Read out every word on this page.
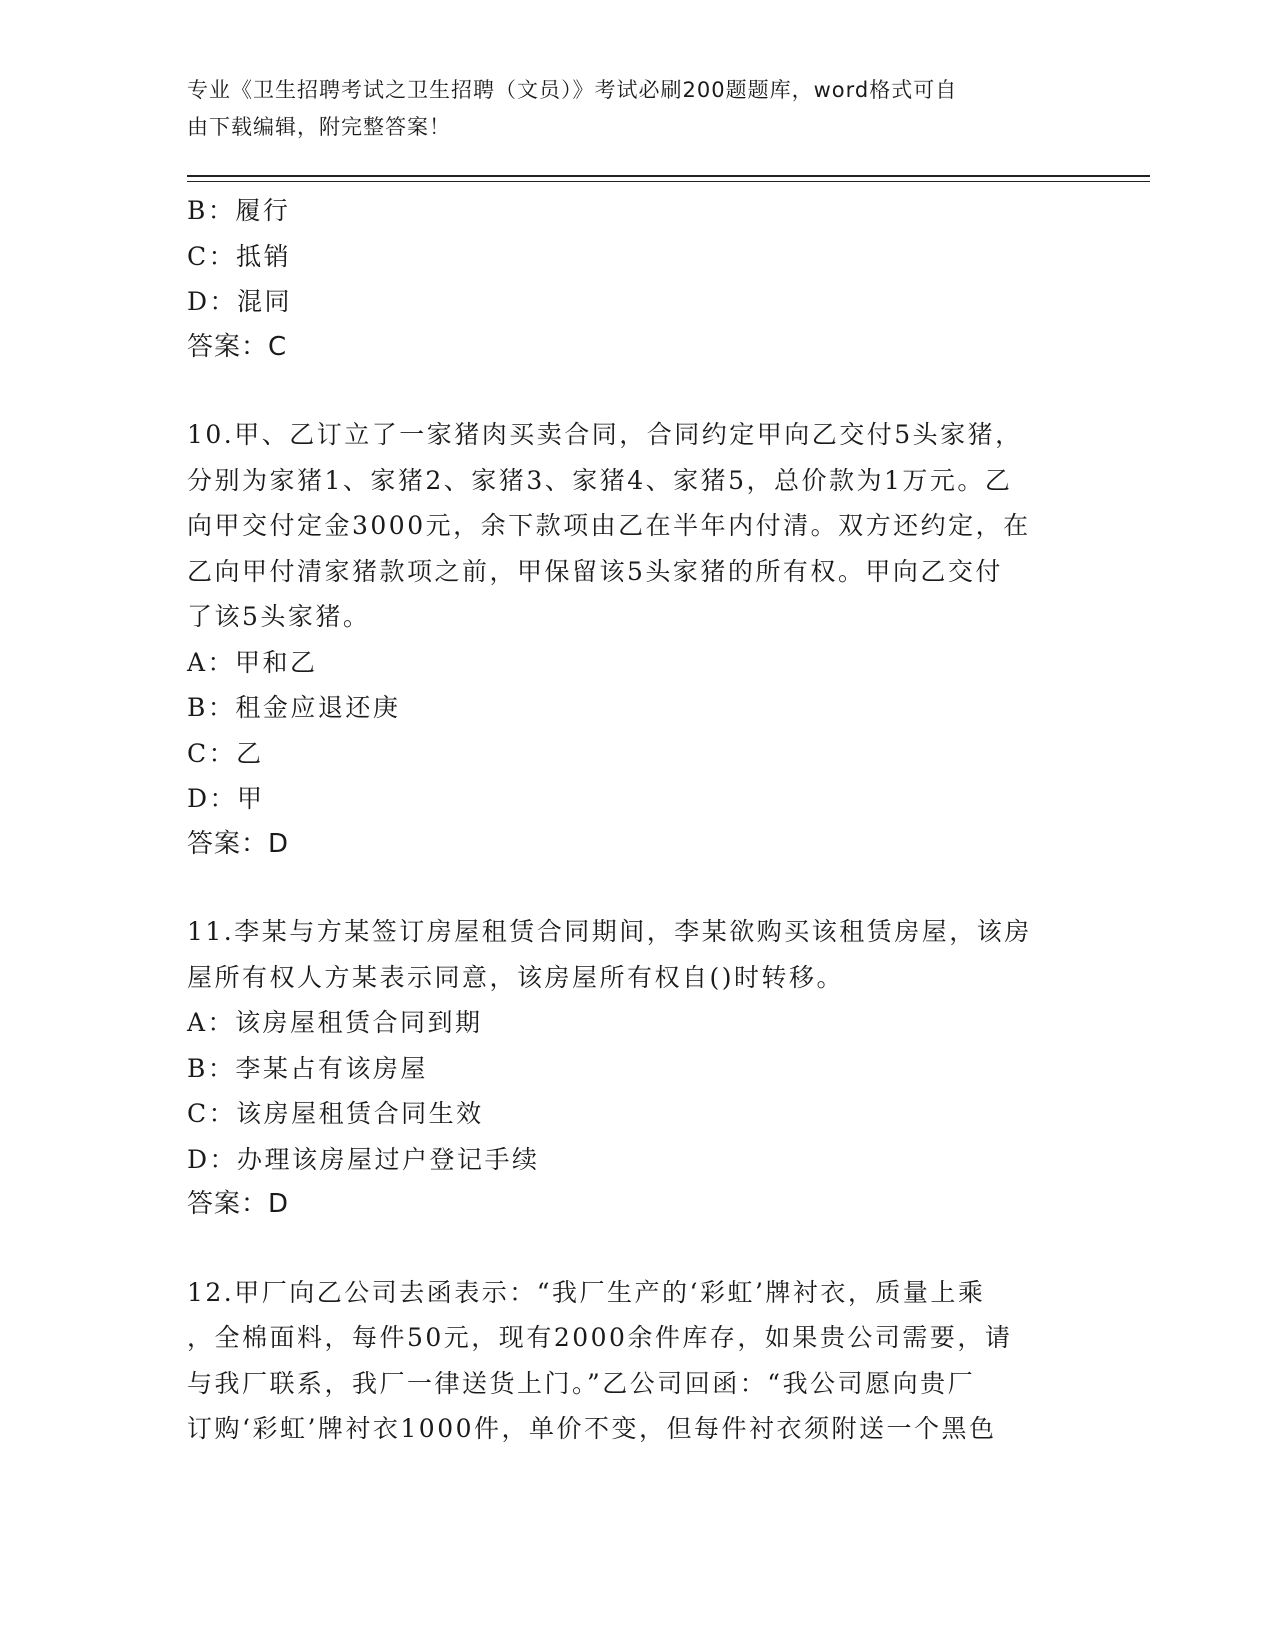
专业《卫生招聘考试之卫生招聘（文员）》考试必刷200题题库，word格式可自
由下载编辑，附完整答案！
B：履行
C：抵销
D：混同
答案：C
10.甲、乙订立了一家猪肉买卖合同，合同约定甲向乙交付5头家猪，
分别为家猪1、家猪2、家猪3、家猪4、家猪5，总价款为1万元。乙
向甲交付定金3000元，余下款项由乙在半年内付清。双方还约定，在
乙向甲付清家猪款项之前，甲保留该5头家猪的所有权。甲向乙交付
了该5头家猪。
A：甲和乙
B：租金应退还庚
C：乙
D：甲
答案：D
11.李某与方某签订房屋租赁合同期间，李某欲购买该租赁房屋，该房
屋所有权人方某表示同意，该房屋所有权自()时转移。
A：该房屋租赁合同到期
B：李某占有该房屋
C：该房屋租赁合同生效
D：办理该房屋过户登记手续
答案：D
12.甲厂向乙公司去函表示：“我厂生产的‘彩虹’牌衬衣，质量上乘
，全棉面料，每件50元，现有2000余件库存，如果贵公司需要，请
与我厂联系，我厂一律送货上门。”乙公司回函：“我公司愿向贵厂
订购‘彩虹’牌衬衣1000件，单价不变，但每件衬衣须附送一个黑色
